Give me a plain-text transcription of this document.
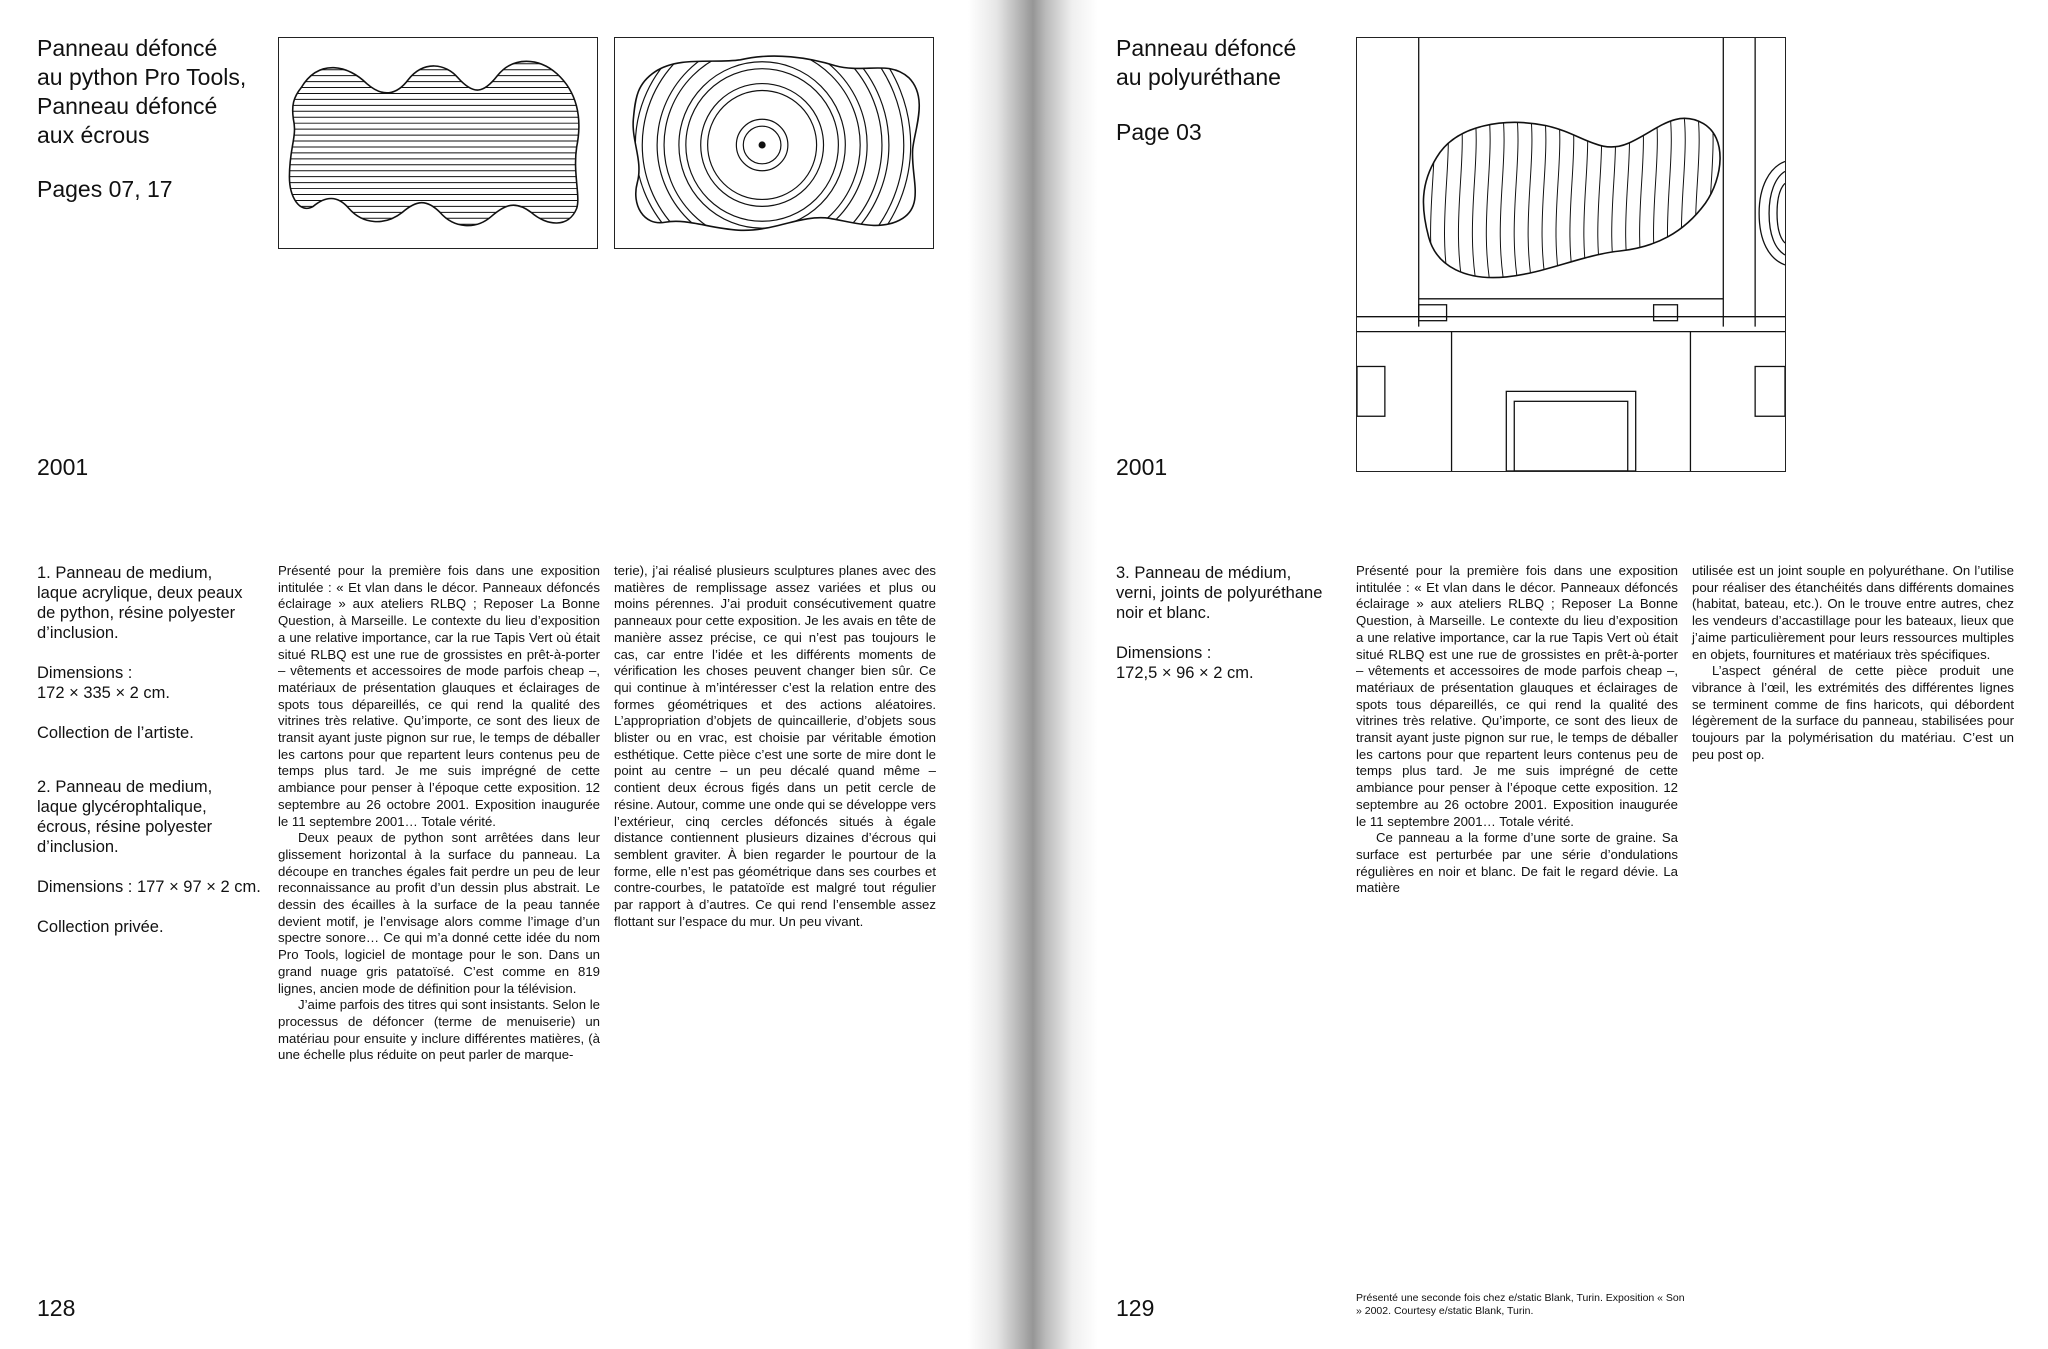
Panneau défoncé
au python Pro Tools,
Panneau défoncé
aux écrous
Pages 07, 17
2001

1. Panneau de medium,
laque acrylique, deux peaux
de python, résine polyester
d’inclusion.

Dimensions :
172 × 335 × 2 cm.

Collection de l’artiste.

2. Panneau de medium,
laque glycérophtalique,
écrous, résine polyester
d’inclusion.

Dimensions : 177 × 97 × 2 cm.

Collection privée.

Présenté pour la première fois dans une exposition intitulée : « Et vlan dans le décor. Panneaux défoncés éclairage » aux ateliers RLBQ ; Reposer La Bonne Question, à Marseille. Le contexte du lieu d’exposition a une relative importance, car la rue Tapis Vert où était situé RLBQ est une rue de grossistes en prêt-à-porter – vêtements et accessoires de mode parfois cheap –, matériaux de présentation glauques et éclairages de spots tous dépareillés, ce qui rend la qualité des vitrines très relative. Qu’importe, ce sont des lieux de transit ayant juste pignon sur rue, le temps de déballer les cartons pour que repartent leurs contenus peu de temps plus tard. Je me suis imprégné de cette ambiance pour penser à l’époque cette exposition. 12 septembre au 26 octobre 2001. Exposition inaugurée le 11 septembre 2001… Totale vérité.

Deux peaux de python sont arrêtées dans leur glissement horizontal à la surface du panneau. La découpe en tranches égales fait perdre un peu de leur reconnaissance au profit d’un dessin plus abstrait. Le dessin des écailles à la surface de la peau tannée devient motif, je l’envisage alors comme l’image d’un spectre sonore… Ce qui m’a donné cette idée du nom Pro Tools, logiciel de montage pour le son. Dans un grand nuage gris patatoïsé. C’est comme en 819 lignes, ancien mode de définition pour la télévision.

J’aime parfois des titres qui sont insistants. Selon le processus de défoncer (terme de menuiserie) un matériau pour ensuite y inclure différentes matières, (à une échelle plus réduite on peut parler de marque-

terie), j’ai réalisé plusieurs sculptures planes avec des matières de remplissage assez variées et plus ou moins pérennes. J’ai produit consécutivement quatre panneaux pour cette exposition. Je les avais en tête de manière assez précise, ce qui n’est pas toujours le cas, car entre l’idée et les différents moments de vérification les choses peuvent changer bien sûr. Ce qui continue à m’intéresser c’est la relation entre des formes géométriques et des actions aléatoires. L’appropriation d’objets de quincaillerie, d’objets sous blister ou en vrac, est choisie par véritable émotion esthétique. Cette pièce c’est une sorte de mire dont le point au centre – un peu décalé quand même – contient deux écrous figés dans un petit cercle de résine. Autour, comme une onde qui se développe vers l’extérieur, cinq cercles défoncés situés à égale distance contiennent plusieurs dizaines d’écrous qui semblent graviter. À bien regarder le pourtour de la forme, elle n’est pas géométrique dans ses courbes et contre-courbes, le patatoïde est malgré tout régulier par rapport à d’autres. Ce qui rend l’ensemble assez flottant sur l’espace du mur. Un peu vivant.

128
Panneau défoncé
au polyuréthane
Page 03
2001

3. Panneau de médium,
verni, joints de polyuréthane
noir et blanc.

Dimensions :
172,5 × 96 × 2 cm.

Présenté pour la première fois dans une exposition intitulée : « Et vlan dans le décor. Panneaux défoncés éclairage » aux ateliers RLBQ ; Reposer La Bonne Question, à Marseille. Le contexte du lieu d’exposition a une relative importance, car la rue Tapis Vert où était situé RLBQ est une rue de grossistes en prêt-à-porter – vêtements et accessoires de mode parfois cheap –, matériaux de présentation glauques et éclairages de spots tous dépareillés, ce qui rend la qualité des vitrines très relative. Qu’importe, ce sont des lieux de transit ayant juste pignon sur rue, le temps de déballer les cartons pour que repartent leurs contenus peu de temps plus tard. Je me suis imprégné de cette ambiance pour penser à l’époque cette exposition. 12 septembre au 26 octobre 2001. Exposition inaugurée le 11 septembre 2001… Totale vérité.

Ce panneau a la forme d’une sorte de graine. Sa surface est perturbée par une série d’ondulations régulières en noir et blanc. De fait le regard dévie. La matière

utilisée est un joint souple en polyuréthane. On l’utilise pour réaliser des étanchéités dans différents domaines (habitat, bateau, etc.). On le trouve entre autres, chez les vendeurs d’accastillage pour les bateaux, lieux que j’aime particulièrement pour leurs ressources multiples en objets, fournitures et matériaux très spécifiques.

L’aspect général de cette pièce produit une vibrance à l’œil, les extrémités des différentes lignes se terminent comme de fins haricots, qui débordent légèrement de la surface du panneau, stabilisées pour toujours par la polymérisation du matériau. C’est un peu post op.

129	Présenté une seconde fois chez e/static Blank, Turin. Exposition « Son » 2002. Courtesy e/static Blank, Turin.
